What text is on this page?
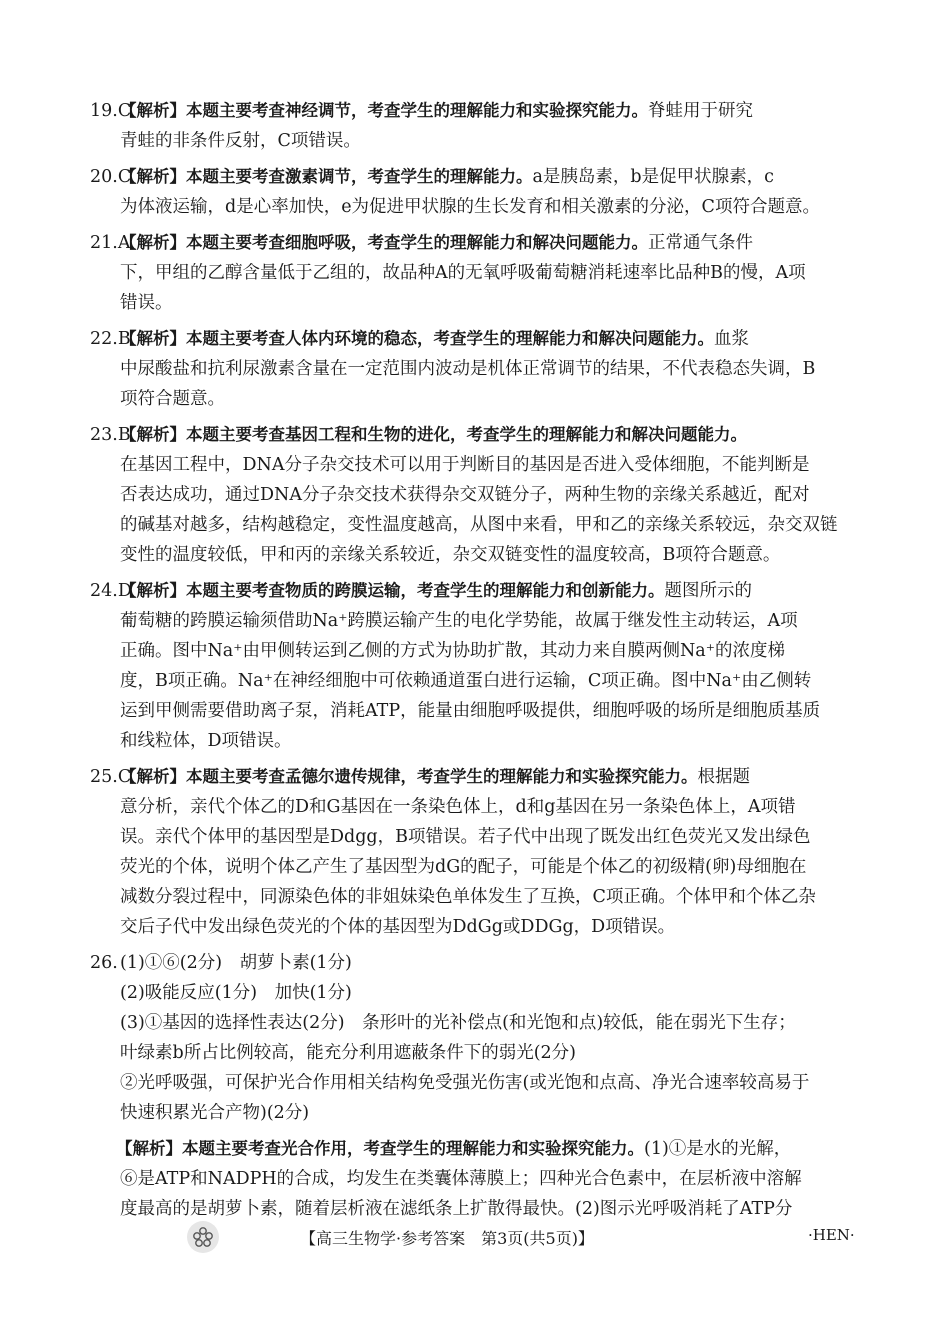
19.C【解析】本题主要考查神经调节，考查学生的理解能力和实验探究能力。脊蛙用于研究
青蛙的非条件反射，C项错误。
20.C【解析】本题主要考查激素调节，考查学生的理解能力。a是胰岛素，b是促甲状腺素，c
为体液运输，d是心率加快，e为促进甲状腺的生长发育和相关激素的分泌，C项符合题意。
21.A【解析】本题主要考查细胞呼吸，考查学生的理解能力和解决问题能力。正常通气条件
下，甲组的乙醇含量低于乙组的，故品种A的无氧呼吸葡萄糖消耗速率比品种B的慢，A项
错误。
22.B【解析】本题主要考查人体内环境的稳态，考查学生的理解能力和解决问题能力。血浆
中尿酸盐和抗利尿激素含量在一定范围内波动是机体正常调节的结果，不代表稳态失调，B
项符合题意。
23.B【解析】本题主要考查基因工程和生物的进化，考查学生的理解能力和解决问题能力。
在基因工程中，DNA分子杂交技术可以用于判断目的基因是否进入受体细胞，不能判断是
否表达成功，通过DNA分子杂交技术获得杂交双链分子，两种生物的亲缘关系越近，配对
的碱基对越多，结构越稳定，变性温度越高，从图中来看，甲和乙的亲缘关系较远，杂交双链
变性的温度较低，甲和丙的亲缘关系较近，杂交双链变性的温度较高，B项符合题意。
24.D【解析】本题主要考查物质的跨膜运输，考查学生的理解能力和创新能力。题图所示的
葡萄糖的跨膜运输须借助Na⁺跨膜运输产生的电化学势能，故属于继发性主动转运，A项
正确。图中Na⁺由甲侧转运到乙侧的方式为协助扩散，其动力来自膜两侧Na⁺的浓度梯
度，B项正确。Na⁺在神经细胞中可依赖通道蛋白进行运输，C项正确。图中Na⁺由乙侧转
运到甲侧需要借助离子泵，消耗ATP，能量由细胞呼吸提供，细胞呼吸的场所是细胞质基质
和线粒体，D项错误。
25.C【解析】本题主要考查孟德尔遗传规律，考查学生的理解能力和实验探究能力。根据题
意分析，亲代个体乙的D和G基因在一条染色体上，d和g基因在另一条染色体上，A项错
误。亲代个体甲的基因型是Ddgg，B项错误。若子代中出现了既发出红色荧光又发出绿色
荧光的个体，说明个体乙产生了基因型为dG的配子，可能是个体乙的初级精(卵)母细胞在
减数分裂过程中，同源染色体的非姐妹染色单体发生了互换，C项正确。个体甲和个体乙杂
交后子代中发出绿色荧光的个体的基因型为DdGg或DDGg，D项错误。
26. (1)①⑥(2分)　胡萝卜素(1分)
(2)吸能反应(1分)　加快(1分)
(3)①基因的选择性表达(2分)　条形叶的光补偿点(和光饱和点)较低，能在弱光下生存；
叶绿素b所占比例较高，能充分利用遮蔽条件下的弱光(2分)
②光呼吸强，可保护光合作用相关结构免受强光伤害(或光饱和点高、净光合速率较高易于
快速积累光合产物)(2分)
【解析】本题主要考查光合作用，考查学生的理解能力和实验探究能力。(1)①是水的光解，
⑥是ATP和NADPH的合成，均发生在类囊体薄膜上；四种光合色素中，在层析液中溶解
度最高的是胡萝卜素，随着层析液在滤纸条上扩散得最快。(2)图示光呼吸消耗了ATP分
【高三生物学·参考答案　第3页(共5页)】	·HEN·
